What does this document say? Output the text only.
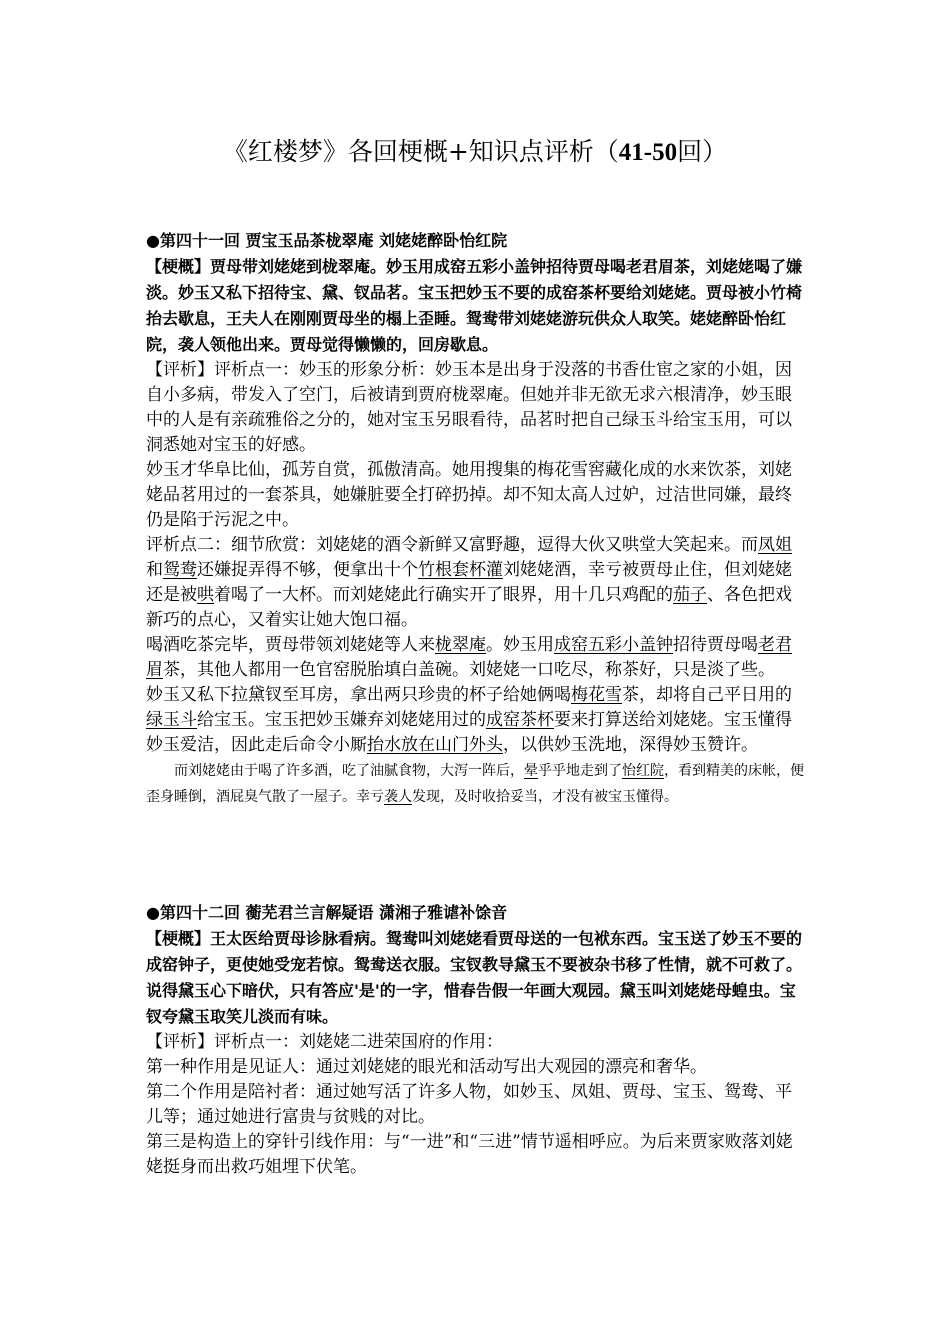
《红楼梦》各回梗概+知识点评析（41-50回）

●第四十一回 贾宝玉品茶栊翠庵 刘姥姥醉卧怡红院

【梗概】贾母带刘姥姥到栊翠庵。妙玉用成窑五彩小盖钟招待贾母喝老君眉茶，刘姥姥喝了嫌淡。妙玉又私下招待宝、黛、钗品茗。宝玉把妙玉不要的成窑茶杯要给刘姥姥。贾母被小竹椅抬去歇息，王夫人在刚刚贾母坐的榻上歪睡。鸳鸯带刘姥姥游玩供众人取笑。姥姥醉卧怡红院，袭人领他出来。贾母觉得懒懒的，回房歇息。

【评析】评析点一：妙玉的形象分析：妙玉本是出身于没落的书香仕宦之家的小姐，因自小多病，带发入了空门，后被请到贾府栊翠庵。但她并非无欲无求六根清净，妙玉眼中的人是有亲疏雅俗之分的，她对宝玉另眼看待，品茗时把自己绿玉斗给宝玉用，可以洞悉她对宝玉的好感。

妙玉才华阜比仙，孤芳自赏，孤傲清高。她用搜集的梅花雪窖藏化成的水来饮茶，刘姥姥品茗用过的一套茶具，她嫌脏要全打碎扔掉。却不知太高人过妒，过洁世同嫌，最终仍是陷于污泥之中。

评析点二：细节欣赏：刘姥姥的酒令新鲜又富野趣，逗得大伙又哄堂大笑起来。而凤姐和鸳鸯还嫌捉弄得不够，便拿出十个竹根套杯灌刘姥姥酒，幸亏被贾母止住，但刘姥姥还是被哄着喝了一大杯。而刘姥姥此行确实开了眼界，用十几只鸡配的茄子、各色把戏新巧的点心，又着实让她大饱口福。

喝酒吃茶完毕，贾母带领刘姥姥等人来栊翠庵。妙玉用成窑五彩小盖钟招待贾母喝老君眉茶，其他人都用一色官窑脱胎填白盖碗。刘姥姥一口吃尽，称茶好，只是淡了些。

妙玉又私下拉黛钗至耳房，拿出两只珍贵的杯子给她俩喝梅花雪茶，却将自己平日用的绿玉斗给宝玉。宝玉把妙玉嫌弃刘姥姥用过的成窑茶杯要来打算送给刘姥姥。宝玉懂得妙玉爱洁，因此走后命令小厮抬水放在山门外头，以供妙玉洗地，深得妙玉赞许。

而刘姥姥由于喝了许多酒，吃了油腻食物，大泻一阵后，晕乎乎地走到了怡红院，看到精美的床帐，便歪身睡倒，酒屁臭气散了一屋子。幸亏袭人发现，及时收拾妥当，才没有被宝玉懂得。

●第四十二回 蘅芜君兰言解疑语 潇湘子雅谑补馀音

【梗概】王太医给贾母诊脉看病。鸳鸯叫刘姥姥看贾母送的一包袱东西。宝玉送了妙玉不要的成窑钟子，更使她受宠若惊。鸳鸯送衣服。宝钗教导黛玉不要被杂书移了性情，就不可救了。说得黛玉心下暗伏，只有答应'是'的一字，惜春告假一年画大观园。黛玉叫刘姥姥母蝗虫。宝钗夸黛玉取笑儿淡而有味。

【评析】评析点一：刘姥姥二进荣国府的作用：

第一种作用是见证人：通过刘姥姥的眼光和活动写出大观园的漂亮和奢华。

第二个作用是陪衬者：通过她写活了许多人物，如妙玉、凤姐、贾母、宝玉、鸳鸯、平儿等；通过她进行富贵与贫贱的对比。

第三是构造上的穿针引线作用：与“一进”和“三进”情节遥相呼应。为后来贾家败落刘姥姥挺身而出救巧姐埋下伏笔。
